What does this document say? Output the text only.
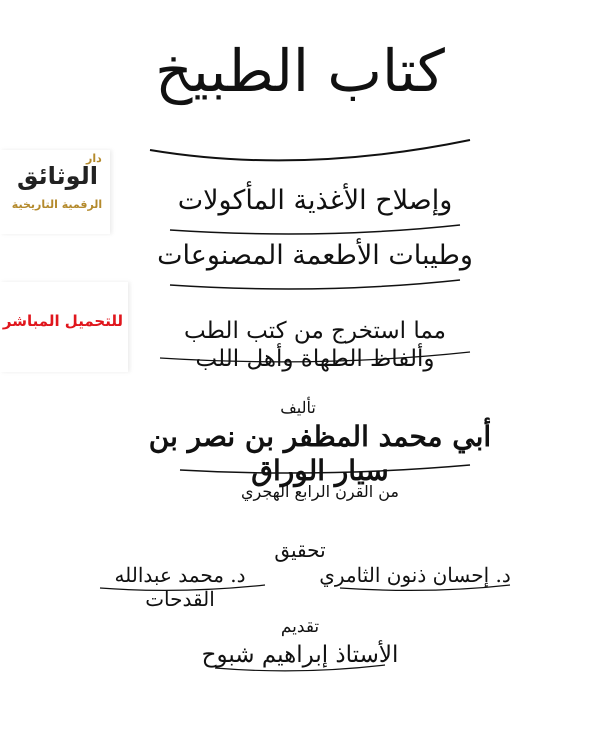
كتاب الطبيخ
وإصلاح الأغذية المأكولات
وطيبات الأطعمة المصنوعات
مما استخرج من كتب الطب وألفاظ الطهاة وأهل اللب
تأليف
أبي محمد المظفر بن نصر بن سيار الوراق
من القرن الرابع الهجري
تحقيق
د. إحسان ذنون الثامري
د. محمد عبدالله القدحات
تقديم
الأستاذ إبراهيم شبوح
دار
الوثائق
الرقمية التاريخية
للتحميل المباشر
